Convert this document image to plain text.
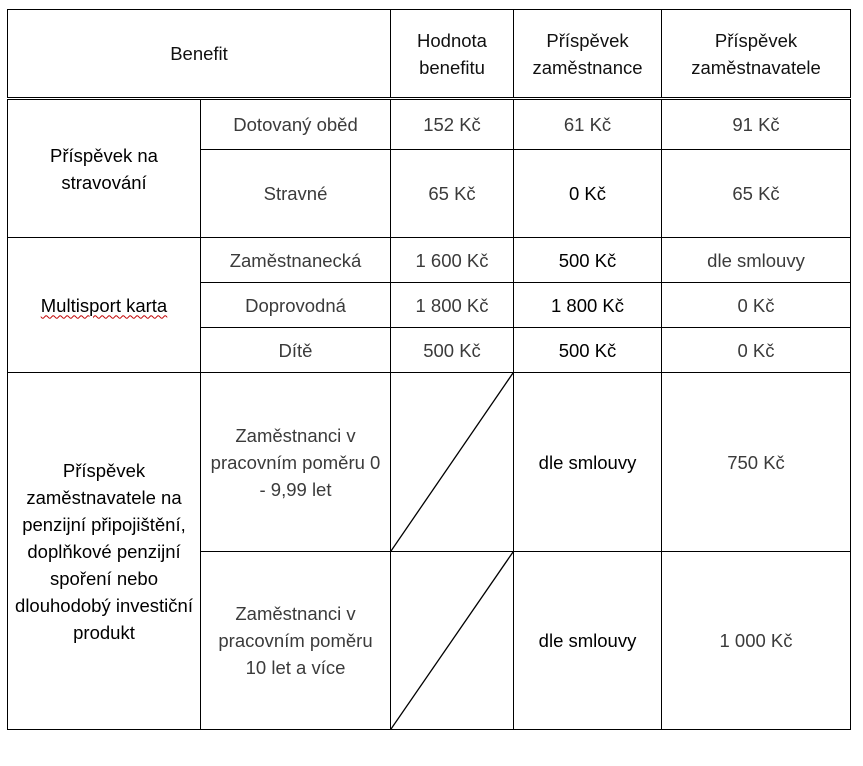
Benefit		Hodnota benefitu	Příspěvek zaměstnance	Příspěvek zaměstnavatele
Příspěvek na stravování	Dotovaný oběd	152 Kč	61 Kč	91 Kč
	Stravné	65 Kč	0 Kč	65 Kč
Multisport karta	Zaměstnanecká	1 600 Kč	500 Kč	dle smlouvy
	Doprovodná	1 800 Kč	1 800 Kč	0 Kč
	Dítě	500 Kč	500 Kč	0 Kč
Příspěvek zaměstnavatele na penzijní připojištění, doplňkové penzijní spoření nebo dlouhodobý investiční produkt	Zaměstnanci v pracovním poměru 0 - 9,99 let		dle smlouvy	750 Kč
	Zaměstnanci v pracovním poměru 10 let a více		dle smlouvy	1 000 Kč
